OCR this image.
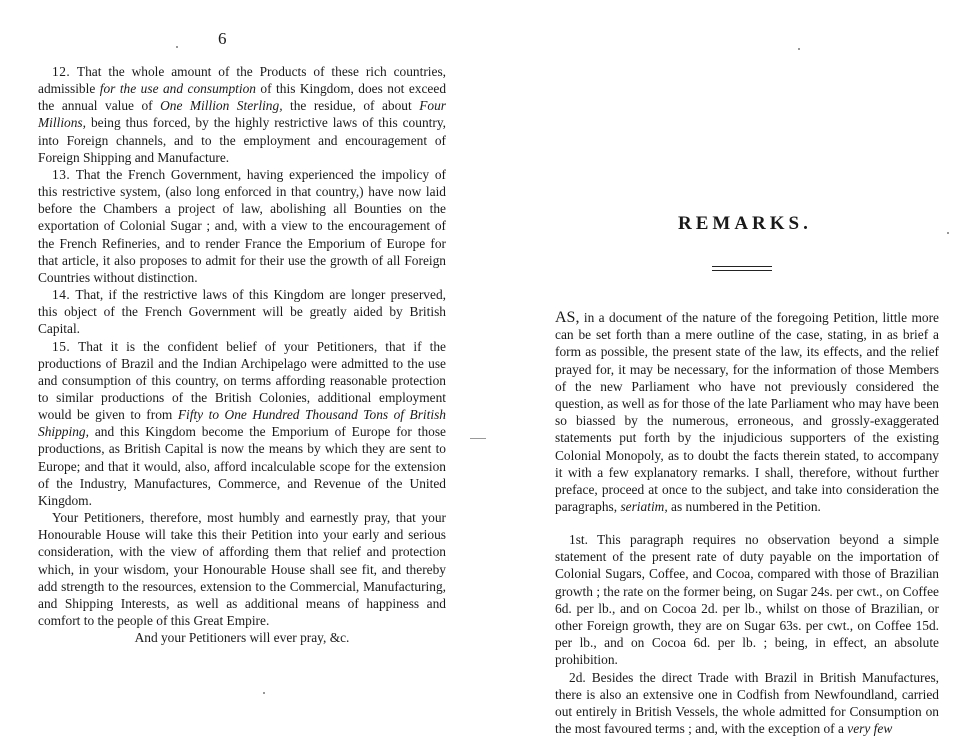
6

12. That the whole amount of the Products of these rich countries, admissible for the use and consumption of this Kingdom, does not exceed the annual value of One Million Sterling, the residue, of about Four Millions, being thus forced, by the highly restrictive laws of this country, into Foreign channels, and to the employment and encouragement of Foreign Shipping and Manufacture.

13. That the French Government, having experienced the impolicy of this restrictive system, (also long enforced in that country,) have now laid before the Chambers a project of law, abolishing all Bounties on the exportation of Colonial Sugar ; and, with a view to the encouragement of the French Refineries, and to render France the Emporium of Europe for that article, it also proposes to admit for their use the growth of all Foreign Countries without distinction.

14. That, if the restrictive laws of this Kingdom are longer preserved, this object of the French Government will be greatly aided by British Capital.

15. That it is the confident belief of your Petitioners, that if the productions of Brazil and the Indian Archipelago were admitted to the use and consumption of this country, on terms affording reasonable protection to similar productions of the British Colonies, additional employment would be given to from Fifty to One Hundred Thousand Tons of British Shipping, and this Kingdom become the Emporium of Europe for those productions, as British Capital is now the means by which they are sent to Europe; and that it would, also, afford incalculable scope for the extension of the Industry, Manufactures, Commerce, and Revenue of the United Kingdom.

Your Petitioners, therefore, most humbly and earnestly pray, that your Honourable House will take this their Petition into your early and serious consideration, with the view of affording them that relief and protection which, in your wisdom, your Honourable House shall see fit, and thereby add strength to the resources, extension to the Commercial, Manufacturing, and Shipping Interests, as well as additional means of happiness and comfort to the people of this Great Empire.

And your Petitioners will ever pray, &c.

REMARKS.

AS, in a document of the nature of the foregoing Petition, little more can be set forth than a mere outline of the case, stating, in as brief a form as possible, the present state of the law, its effects, and the relief prayed for, it may be necessary, for the information of those Members of the new Parliament who have not previously considered the question, as well as for those of the late Parliament who may have been so biassed by the numerous, erroneous, and grossly-exaggerated statements put forth by the injudicious supporters of the existing Colonial Monopoly, as to doubt the facts therein stated, to accompany it with a few explanatory remarks. I shall, therefore, without further preface, proceed at once to the subject, and take into consideration the paragraphs, seriatim, as numbered in the Petition.

1st. This paragraph requires no observation beyond a simple statement of the present rate of duty payable on the importation of Colonial Sugars, Coffee, and Cocoa, compared with those of Brazilian growth ; the rate on the former being, on Sugar 24s. per cwt., on Coffee 6d. per lb., and on Cocoa 2d. per lb., whilst on those of Brazilian, or other Foreign growth, they are on Sugar 63s. per cwt., on Coffee 15d. per lb., and on Cocoa 6d. per lb. ; being, in effect, an absolute prohibition.

2d. Besides the direct Trade with Brazil in British Manufactures, there is also an extensive one in Codfish from Newfoundland, carried out entirely in British Vessels, the whole admitted for Consumption on the most favoured terms ; and, with the exception of a very few
